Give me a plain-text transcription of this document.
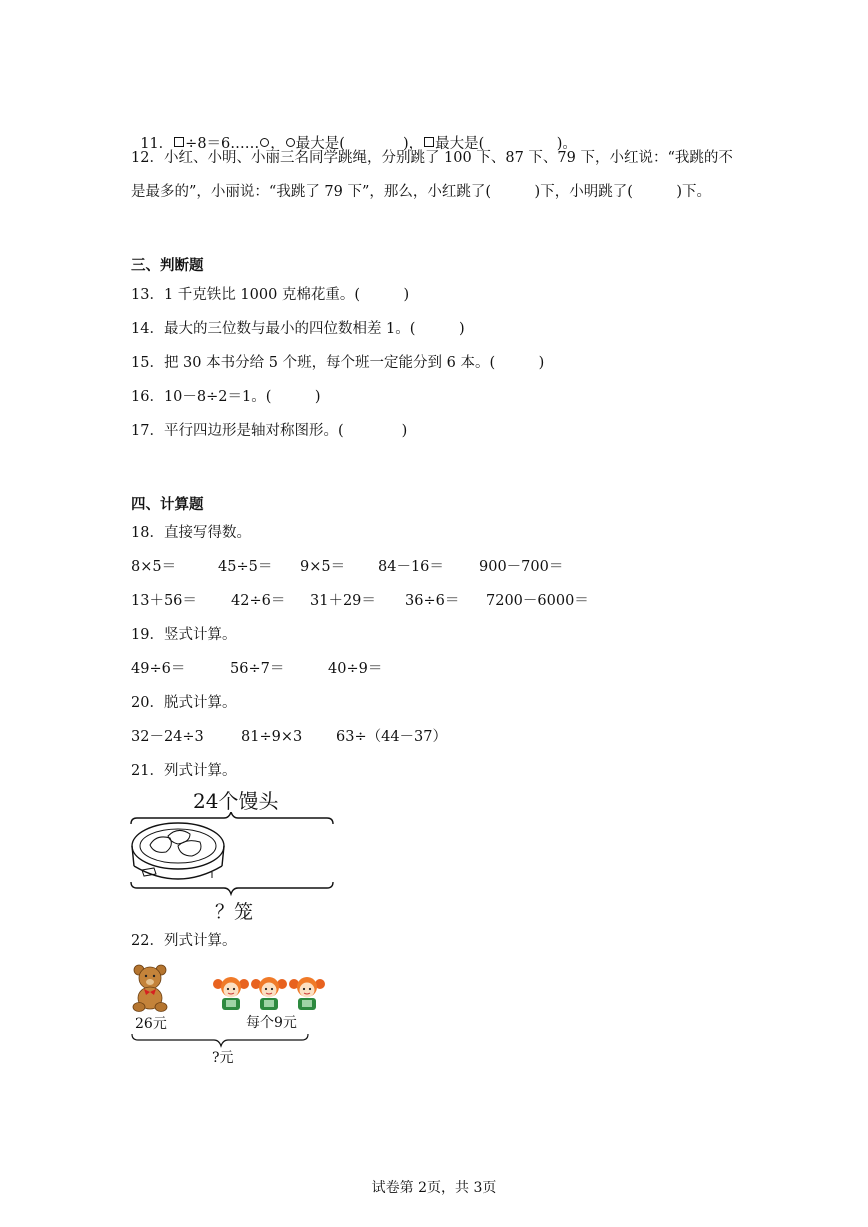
11． ÷8＝6…… ， 最大是(　　　　)， 最大是(　　　　　)。

12．小红、小明、小丽三名同学跳绳，分别跳了 100 下、87 下、79 下，小红说：“我跳的不
是最多的”，小丽说：“我跳了 79 下”，那么，小红跳了(　　　)下，小明跳了(　　　)下。
三、判断题
13．1 千克铁比 1000 克棉花重。(　　　)
14．最大的三位数与最小的四位数相差 1。(　　　)
15．把 30 本书分给 5 个班，每个班一定能分到 6 本。(　　　)
16．10－8÷2＝1。(　　　)
17．平行四边形是轴对称图形。(　　　　)
四、计算题
18．直接写得数。
8×5＝	45÷5＝ 9×5＝ 84－16＝ 900－700＝
13＋56＝ 42÷6＝ 31＋29＝ 36÷6＝ 7200－6000＝
19．竖式计算。
49÷6＝	56÷7＝	40÷9＝
20．脱式计算。
32－24÷3	81÷9×3 63÷（44－37）
21．列式计算。
24个馒头
？笼
22．列式计算。
26元	每个9元
?元
试卷第 2页，共 3页
